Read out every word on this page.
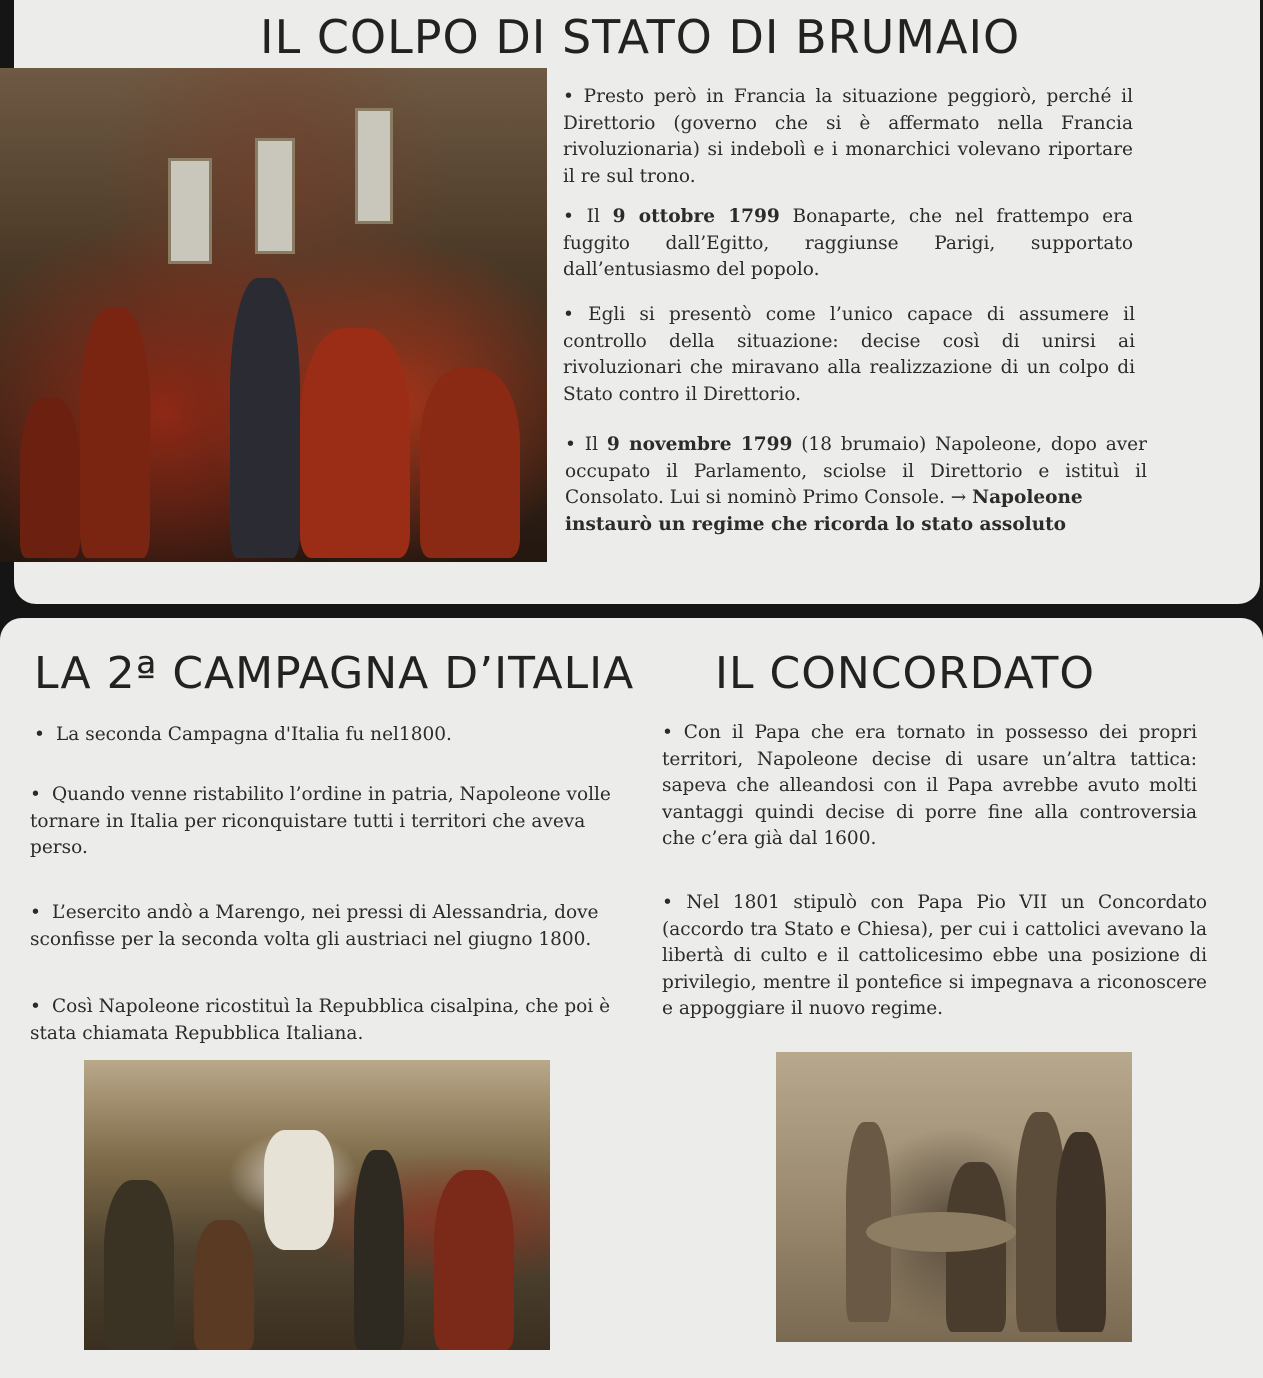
IL COLPO DI STATO DI BRUMAIO
• Presto però in Francia la situazione peggiorò, perché il Direttorio (governo che si è affermato nella Francia rivoluzionaria) si indebolì e i monarchici volevano riportare il re sul trono.
• Il 9 ottobre 1799 Bonaparte, che nel frattempo era fuggito dall’Egitto, raggiunse Parigi, supportato dall’entusiasmo del popolo.
• Egli si presentò come l’unico capace di assumere il controllo della situazione: decise così di unirsi ai rivoluzionari che miravano alla realizzazione di un colpo di Stato contro il Direttorio.
• Il 9 novembre 1799 (18 brumaio) Napoleone, dopo aver occupato il Parlamento, sciolse il Direttorio e istituì il Consolato. Lui si nominò Primo Console. → Napoleone
instaurò un regime che ricorda lo stato assoluto
LA 2ª CAMPAGNA D’ITALIA IL CONCORDATO
• La seconda Campagna d'Italia fu nel1800.
• Quando venne ristabilito l’ordine in patria, Napoleone volle tornare in Italia per riconquistare tutti i territori che aveva perso.
• L’esercito andò a Marengo, nei pressi di Alessandria, dove sconfisse per la seconda volta gli austriaci nel giugno 1800.
• Così Napoleone ricostituì la Repubblica cisalpina, che poi è stata chiamata Repubblica Italiana.
• Con il Papa che era tornato in possesso dei propri territori, Napoleone decise di usare un’altra tattica: sapeva che alleandosi con il Papa avrebbe avuto molti vantaggi quindi decise di porre fine alla controversia che c’era già dal 1600.
• Nel 1801 stipulò con Papa Pio VII un Concordato (accordo tra Stato e Chiesa), per cui i cattolici avevano la libertà di culto e il cattolicesimo ebbe una posizione di privilegio, mentre il pontefice si impegnava a riconoscere e appoggiare il nuovo regime.
